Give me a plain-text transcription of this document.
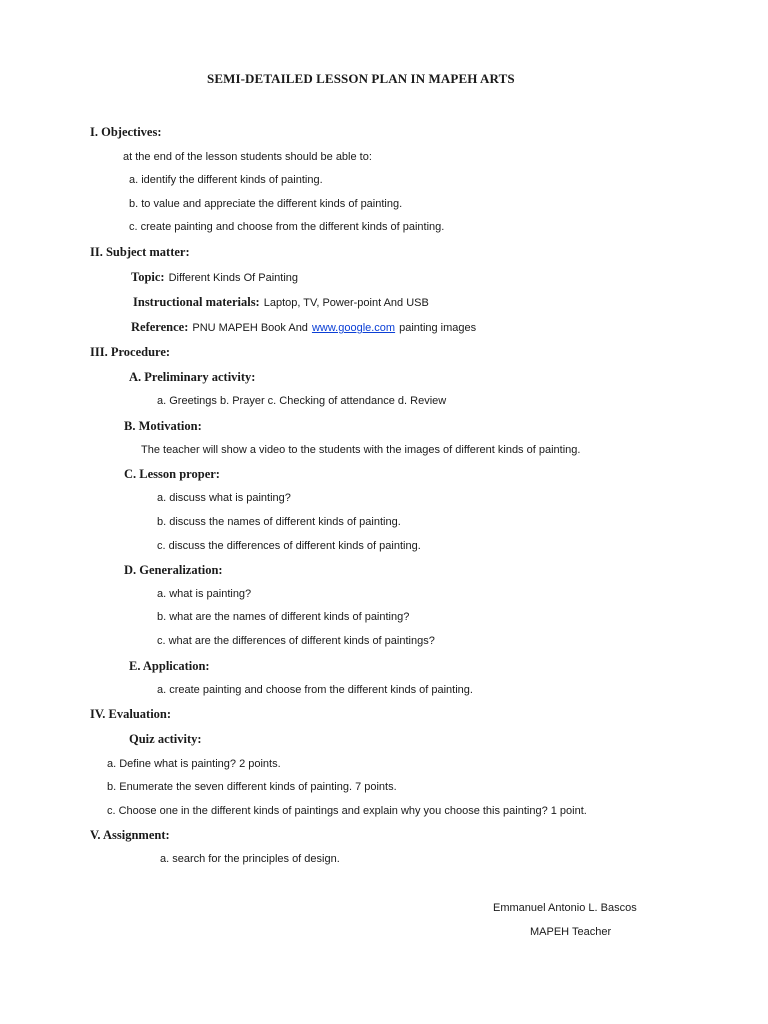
SEMI-DETAILED LESSON PLAN IN MAPEH ARTS
I. Objectives:
at the end of the lesson students should be able to:
a. identify the different kinds of painting.
b. to value and appreciate the different kinds of painting.
c. create painting and choose from the different kinds of painting.
II. Subject matter:
Topic: Different Kinds Of Painting
Instructional materials: Laptop, TV, Power-point And USB
Reference: PNU MAPEH Book And www.google.com painting images
III. Procedure:
A. Preliminary activity:
a. Greetings b. Prayer c. Checking of attendance d. Review
B. Motivation:
The teacher will show a video to the students with the images of different kinds of painting.
C. Lesson proper:
a. discuss what is painting?
b. discuss the names of different kinds of painting.
c. discuss the differences of different kinds of painting.
D. Generalization:
a. what is painting?
b. what are the names of different kinds of painting?
c. what are the differences of different kinds of paintings?
E. Application:
a. create painting and choose from the different kinds of painting.
IV. Evaluation:
Quiz activity:
a. Define what is painting? 2 points.
b. Enumerate the seven different kinds of painting. 7 points.
c. Choose one in the different kinds of paintings and explain why you choose this painting? 1 point.
V. Assignment:
a. search for the principles of design.
Emmanuel Antonio L. Bascos
MAPEH Teacher
